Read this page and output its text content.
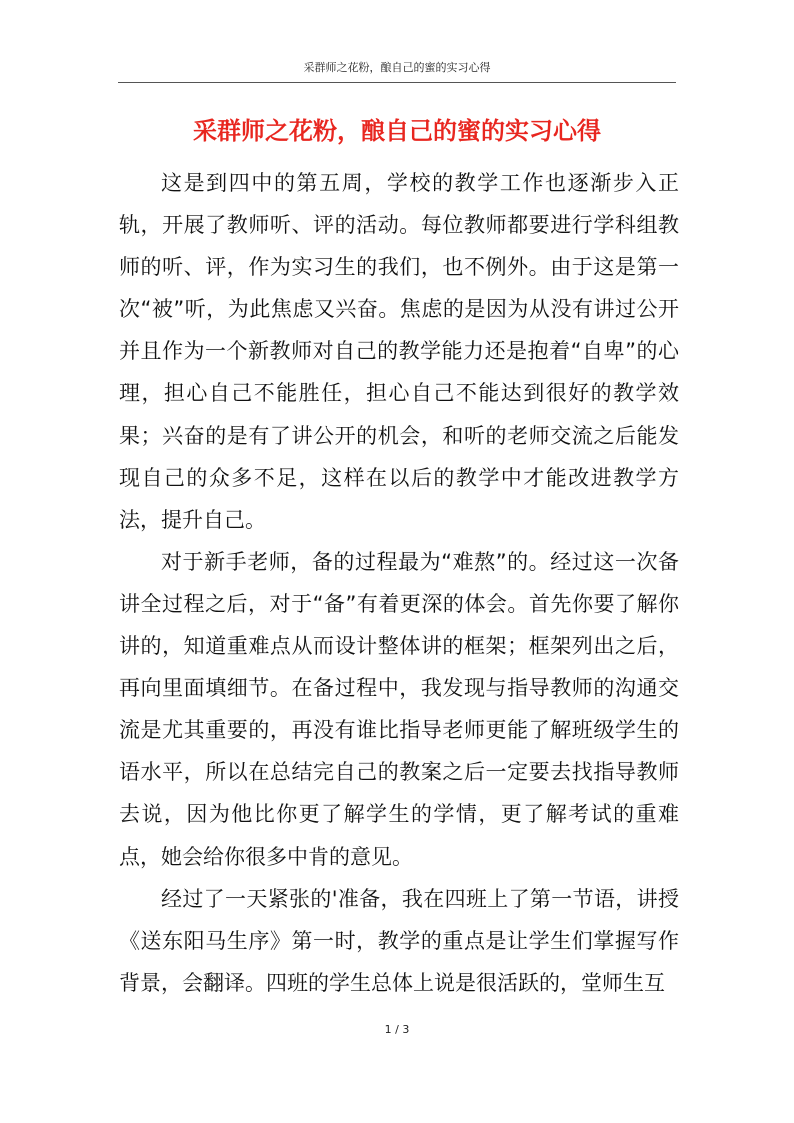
采群师之花粉，酿自己的蜜的实习心得
采群师之花粉，酿自己的蜜的实习心得

这是到四中的第五周，学校的教学工作也逐渐步入正轨，开展了教师听、评的活动。每位教师都要进行学科组教师的听、评，作为实习生的我们，也不例外。由于这是第一次“被”听，为此焦虑又兴奋。焦虑的是因为从没有讲过公开并且作为一个新教师对自己的教学能力还是抱着“自卑”的心理，担心自己不能胜任，担心自己不能达到很好的教学效果；兴奋的是有了讲公开的机会，和听的老师交流之后能发现自己的众多不足，这样在以后的教学中才能改进教学方法，提升自己。

对于新手老师，备的过程最为“难熬”的。经过这一次备讲全过程之后，对于“备”有着更深的体会。首先你要了解你讲的，知道重难点从而设计整体讲的框架；框架列出之后，再向里面填细节。在备过程中，我发现与指导教师的沟通交流是尤其重要的，再没有谁比指导老师更能了解班级学生的语水平，所以在总结完自己的教案之后一定要去找指导教师去说，因为他比你更了解学生的学情，更了解考试的重难点，她会给你很多中肯的意见。

经过了一天紧张的'准备，我在四班上了第一节语，讲授《送东阳马生序》第一时，教学的重点是让学生们掌握写作背景，会翻译。四班的学生总体上说是很活跃的，堂师生互

1 / 3
